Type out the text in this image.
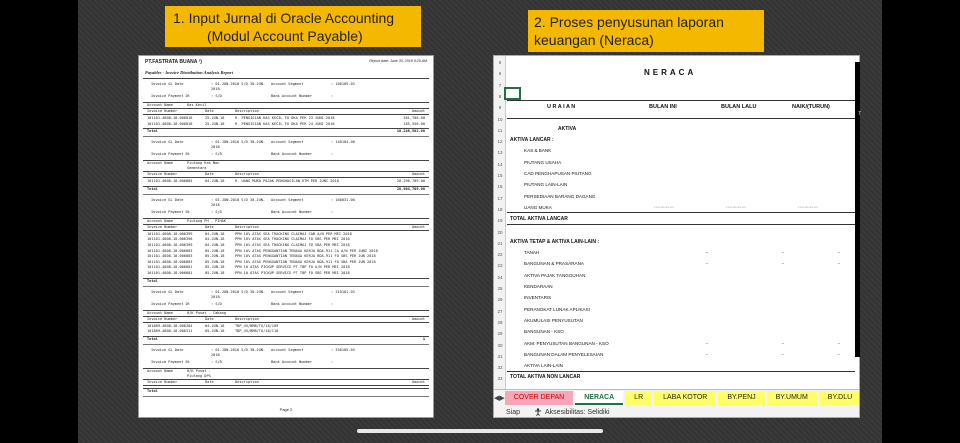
1. Input Jurnal di Oracle Accounting
(Modul Account Payable)
2. Proses penyusunan laporan
keuangan (Neraca)
PT.FASTRATA BUANA ¹)	Report date: June 30, 2018 9:29 AM
Payables - Invoice Distribution Analysis Report
Invoice GL Date	: 01-JUN-2018 S/D 30-JUN-2018
Account Segment	: 100105.03
Invoice Payment Dt	: S/D	Bank Account Number	:
Account Name	Kas Kecil
Invoice Number	Date	Description	Amount
101101.4808-18.006818	25-JUN-18	R. PENGISIAN KAS KECIL FO DKA PER 23 JUNI 2018	281,708.00
101101.4808-18.006818	25-JUN-18	R. PENGISIAN KAS KECIL FO DKA PER 24 JUNI 2018	185,556.00
Total	10,248,502.00
Invoice GL Date	: 01-JUN-2018 S/D 30-JUN-2018
Account Segment	: 140104.00
Invoice Payment Dt	: S/D	Bank Account Number	:
Account Name	Piutang Kas Non Sementara
Invoice Number	Date	Description	Amount
101101.4808-18.006805	04-JUN-18	R. UANG MUKA PAJAK PENGHASILAN KTM PER JUNI 2018	28,296,709.00
Total	28,904,709.00
Invoice GL Date	: 01-JUN-2018 S/D 30-JUN-2018
Account Segment	: 160031.00
Invoice Payment Dt	: S/D	Bank Account Number	:
Account Name	Piutang PH - PIHAK
Invoice Number	Date	Description	Amount
101101.4808-18.006399	04-JUN-18	PPN 10% ATAS SEA TRACKING CLAIMAJ CAB A/N PER MEI 2018
101101.4808-18.006398	04-JUN-18	PPN 10% ATAS SEA TRACKING CLAIMAJ FO SBS PER MEI 2018
101101.4808-18.006399	04-JUN-18	PPN 10% ATAS SEA TRACKING CLAIMAJ FO SBA PER MEI 2018
101101.4808-18.006803	05-JUN-18	PPN 10% ATAS PENGGANTIAN TENAGA KERJA BOA-911 CA A/N PER JUNI 2018
101101.4808-18.006803	05-JUN-18	PPN 10% ATAS PENGGANTIAN TENAGA KERJA BOA-911 FO SBS PER JUN 2018
101101.4808-18.006803	05-JUN-18	PPN 10% ATAS PENGGANTIAN TENAGA KERJA BOA-911 FO SBA PER JUN 2018
101101.4808-18.006801	05-JUN-18	PPN 10 ATAS PICKUP SERVICE PT TBP FO A/N PER MEI 2018
101101.4808-18.006801	05-JUN-18	PPN 10 ATAS PICKUP SERVICE PT TBP FO SBS PER MEI 2018
Total
Invoice GL Date	: 01-JUN-2018 S/D 30-JUN-2018
Account Segment	: 310101.03
Invoice Payment Dt	: S/D	Bank Account Number	:
Account Name	H/K Pusat - Cabang
Invoice Number	Date	Description	Amount
101809.4808-18.006284	04-JUN-18	TBP_45/BMB/TU/18/109
101809.4808-18.006311	05-JUN-18	TBP_45/BMB/TU/18/110
Total	1
Invoice GL Date	: 01-JUN-2018 S/D 30-JUN-2018
Account Segment	: 330105.03
Invoice Payment Dt	: S/D	Bank Account Number	:
Account Name	H/K Pusat - Piutang DPS
Invoice Number	Date	Description	Amount
Total
Page 2
5
6
7
8
9
10
11
12
13
14
15
16
17
18
19
20
21
22
23
24
25
26
27
28
29
30
31
32
33
NERACA
U R A I A N	BULAN INI	BULAN LALU	NAIK/(TURUN)
AKTIVA
AKTIVA LANCAR :
KAS & BANK
PIUTANG USAHA
CAD PENGHAPUSAN PIUTANG
PIUTANG LAIN-LAIN
PERSEDIAAN BARANG DAGANG
UANG MUKA	x,xxx,xxx,xxx,xxx	x,xxx,xxx,xxx,xxx	x,xxx,xxx,xxx,xxx
TOTAL AKTIVA LANCAR
AKTIVA TETAP & AKTIVA LAIN-LAIN :
TANAH	-	-	-
BANGUNAN & PRASARANA	-	-	-
AKTIVA PAJAK TANGGUHAN
KENDARAAN
INVENTARIS
PERANGKAT LUNAK APLIKASI
AKUMULASI PENYUSUTAN
BANGUNAN - KSO
AKM. PENYUSUTAN BANGUNAN - KSO	-	-	-
BANGUNAN DALAM PENYELESAIAN	-	-	-
AKTIVA LAIN-LAIN
TOTAL AKTIVA NON LANCAR
◀ ▶	COVER DEPAN	NERACA	LR	LABA KOTOR	BY.PENJ	BY.UMUM	BY.DLU
Siap	Aksesibilitas: Selidiki
7
